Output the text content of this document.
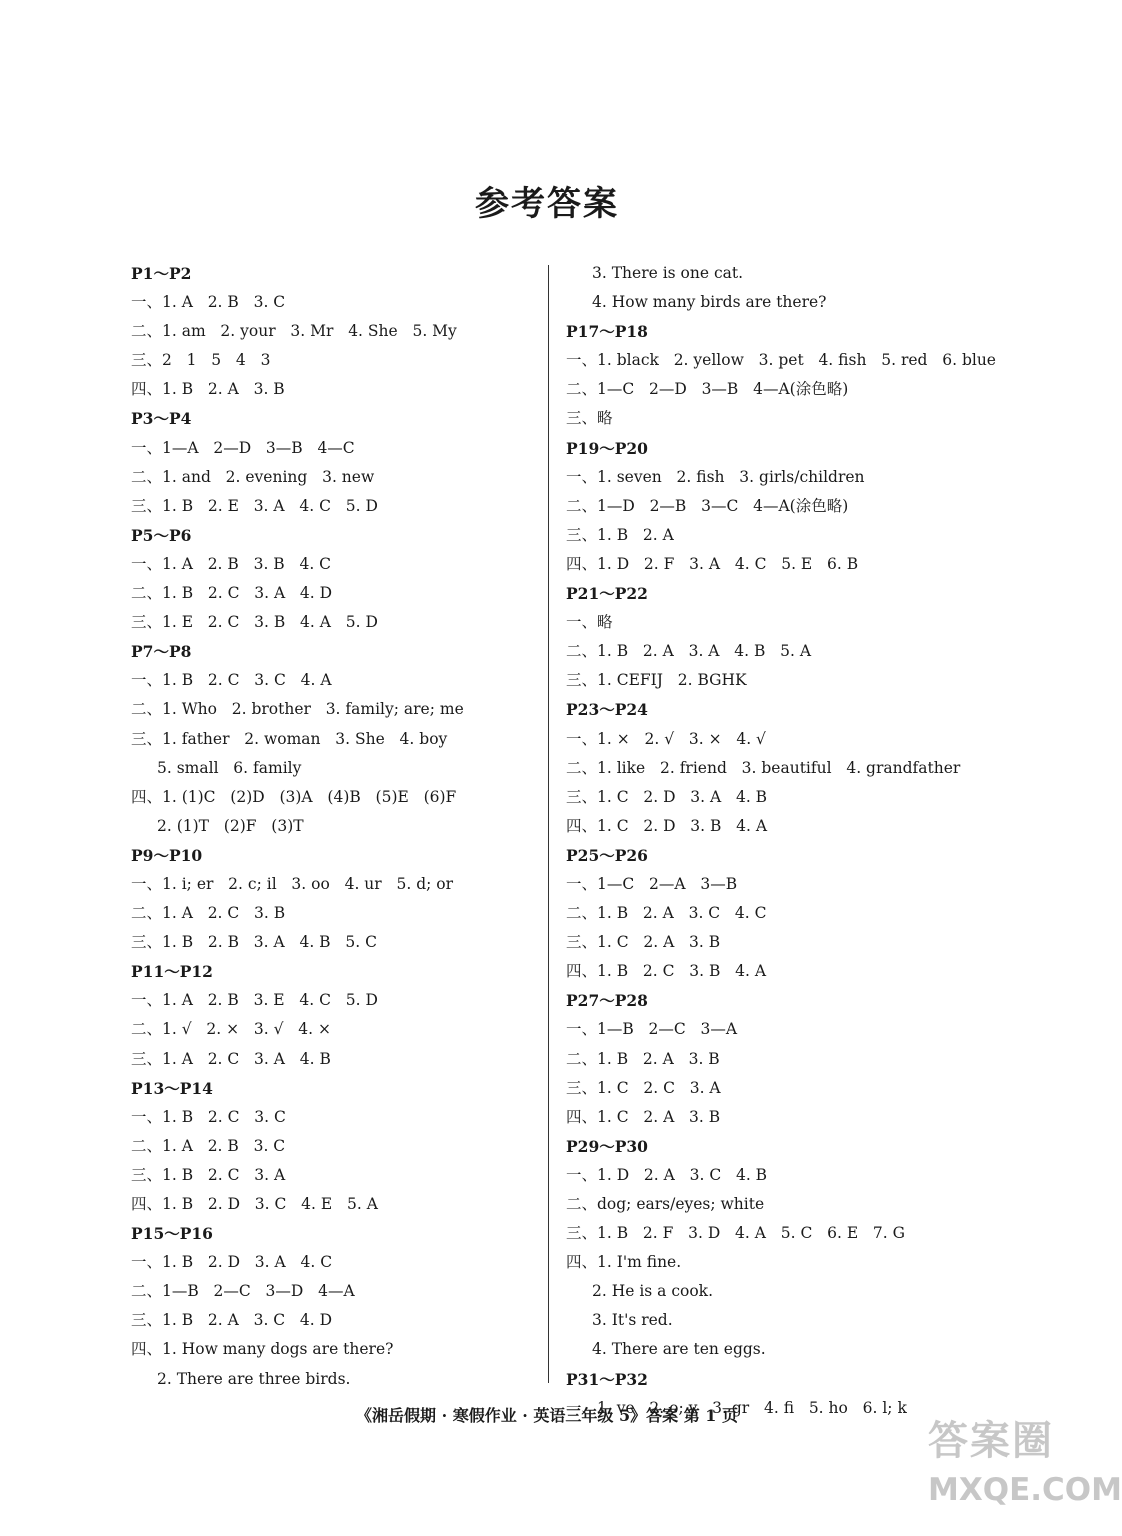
参考答案
P1～P2
一、1. A   2. B   3. C
二、1. am   2. your   3. Mr   4. She   5. My
三、2   1   5   4   3
四、1. B   2. A   3. B
P3～P4
一、1—A   2—D   3—B   4—C
二、1. and   2. evening   3. new
三、1. B   2. E   3. A   4. C   5. D
P5～P6
一、1. A   2. B   3. B   4. C
二、1. B   2. C   3. A   4. D
三、1. E   2. C   3. B   4. A   5. D
P7～P8
一、1. B   2. C   3. C   4. A
二、1. Who   2. brother   3. family; are; me
三、1. father   2. woman   3. She   4. boy
5. small   6. family
四、1. (1)C   (2)D   (3)A   (4)B   (5)E   (6)F
2. (1)T   (2)F   (3)T
P9～P10
一、1. i; er   2. c; il   3. oo   4. ur   5. d; or
二、1. A   2. C   3. B
三、1. B   2. B   3. A   4. B   5. C
P11～P12
一、1. A   2. B   3. E   4. C   5. D
二、1. √   2. ×   3. √   4. ×
三、1. A   2. C   3. A   4. B
P13～P14
一、1. B   2. C   3. C
二、1. A   2. B   3. C
三、1. B   2. C   3. A
四、1. B   2. D   3. C   4. E   5. A
P15～P16
一、1. B   2. D   3. A   4. C
二、1—B   2—C   3—D   4—A
三、1. B   2. A   3. C   4. D
四、1. How many dogs are there?
2. There are three birds.
3. There is one cat.
4. How many birds are there?
P17～P18
一、1. black   2. yellow   3. pet   4. fish   5. red   6. blue
二、1—C   2—D   3—B   4—A(涂色略)
三、略
P19～P20
一、1. seven   2. fish   3. girls/children
二、1—D   2—B   3—C   4—A(涂色略)
三、1. B   2. A
四、1. D   2. F   3. A   4. C   5. E   6. B
P21～P22
一、略
二、1. B   2. A   3. A   4. B   5. A
三、1. CEFIJ   2. BGHK
P23～P24
一、1. ×   2. √   3. ×   4. √
二、1. like   2. friend   3. beautiful   4. grandfather
三、1. C   2. D   3. A   4. B
四、1. C   2. D   3. B   4. A
P25～P26
一、1—C   2—A   3—B
二、1. B   2. A   3. C   4. C
三、1. C   2. A   3. B
四、1. B   2. C   3. B   4. A
P27～P28
一、1—B   2—C   3—A
二、1. B   2. A   3. B
三、1. C   2. C   3. A
四、1. C   2. A   3. B
P29～P30
一、1. D   2. A   3. C   4. B
二、dog; ears/eyes; white
三、1. B   2. F   3. D   4. A   5. C   6. E   7. G
四、1. I'm fine.
2. He is a cook.
3. It's red.
4. There are ten eggs.
P31～P32
一、1. ve   2. o; y   3. gr   4. fi   5. ho   6. l; k
《湘岳假期 · 寒假作业 · 英语三年级 5》答案 第 1 页
答案圈
MXQE.COM
